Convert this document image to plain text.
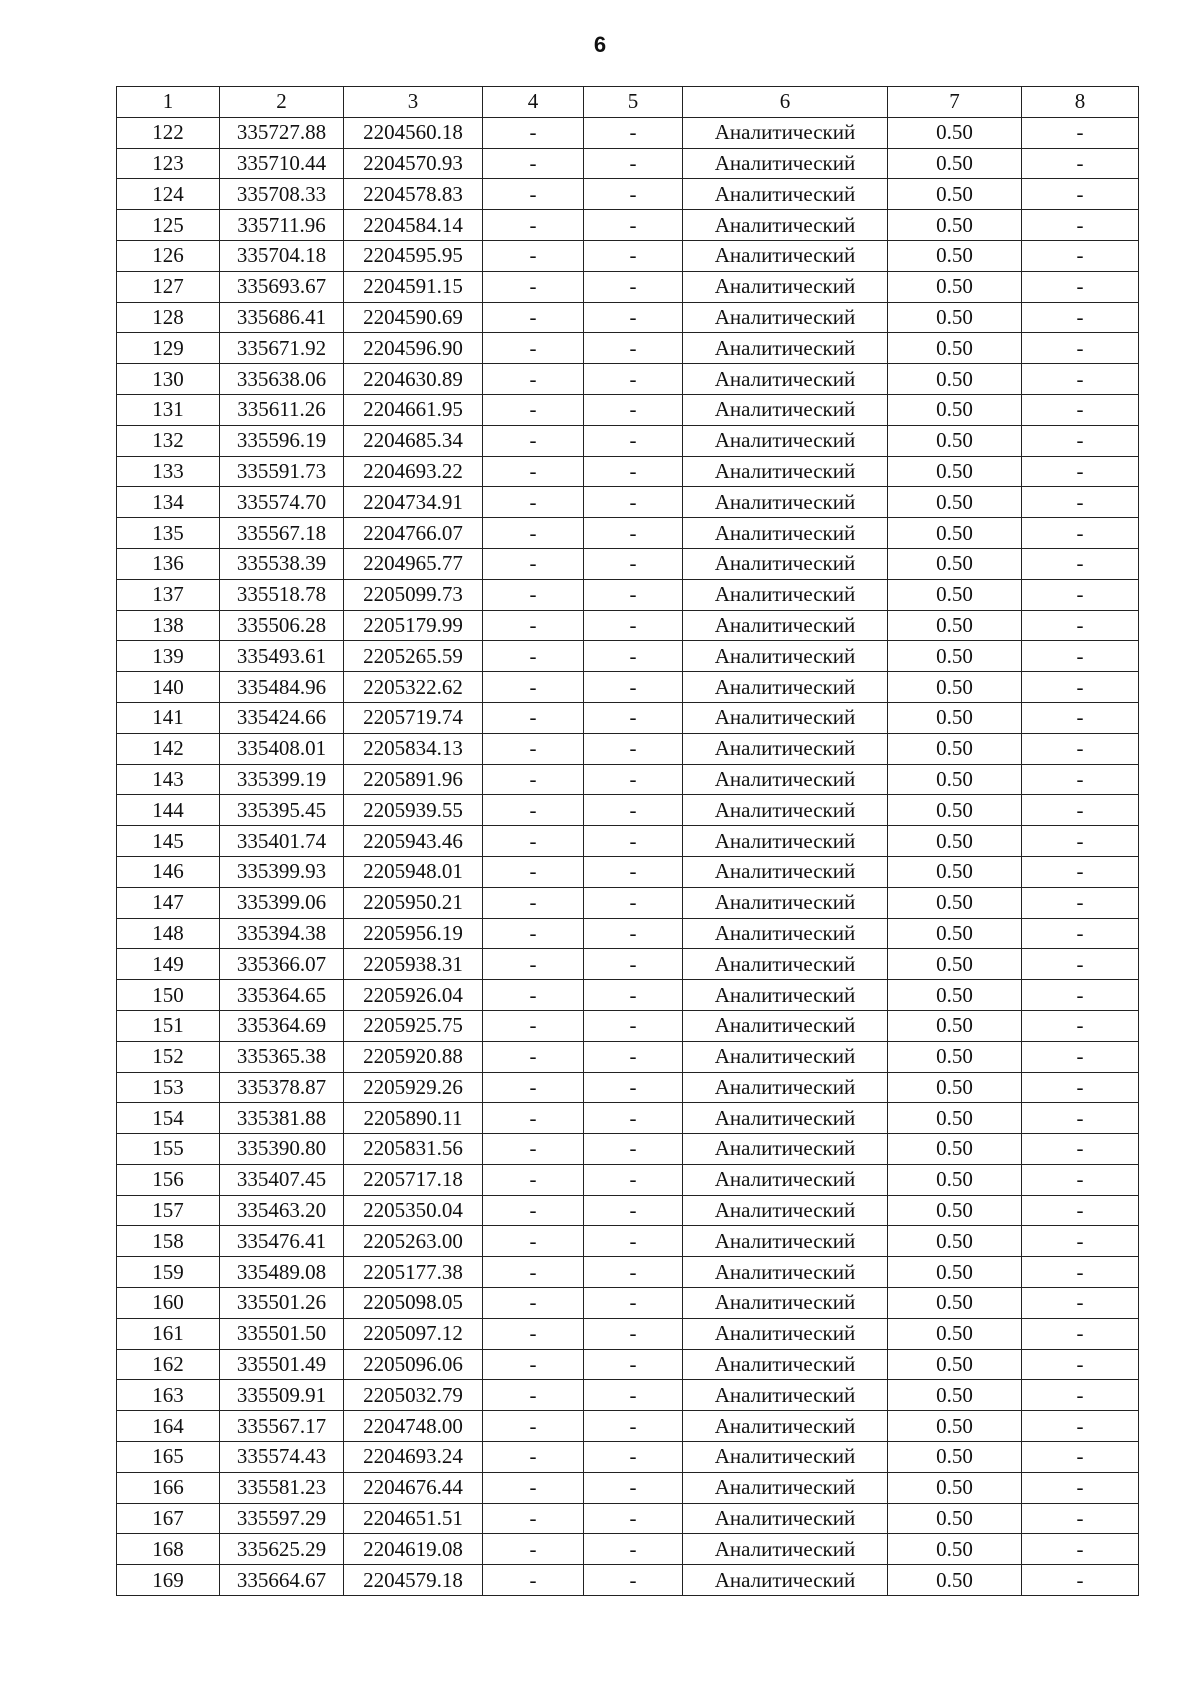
6
1	2	3	4	5	6	7	8
122	335727.88	2204560.18	-	-	Аналитический	0.50	-
123	335710.44	2204570.93	-	-	Аналитический	0.50	-
124	335708.33	2204578.83	-	-	Аналитический	0.50	-
125	335711.96	2204584.14	-	-	Аналитический	0.50	-
126	335704.18	2204595.95	-	-	Аналитический	0.50	-
127	335693.67	2204591.15	-	-	Аналитический	0.50	-
128	335686.41	2204590.69	-	-	Аналитический	0.50	-
129	335671.92	2204596.90	-	-	Аналитический	0.50	-
130	335638.06	2204630.89	-	-	Аналитический	0.50	-
131	335611.26	2204661.95	-	-	Аналитический	0.50	-
132	335596.19	2204685.34	-	-	Аналитический	0.50	-
133	335591.73	2204693.22	-	-	Аналитический	0.50	-
134	335574.70	2204734.91	-	-	Аналитический	0.50	-
135	335567.18	2204766.07	-	-	Аналитический	0.50	-
136	335538.39	2204965.77	-	-	Аналитический	0.50	-
137	335518.78	2205099.73	-	-	Аналитический	0.50	-
138	335506.28	2205179.99	-	-	Аналитический	0.50	-
139	335493.61	2205265.59	-	-	Аналитический	0.50	-
140	335484.96	2205322.62	-	-	Аналитический	0.50	-
141	335424.66	2205719.74	-	-	Аналитический	0.50	-
142	335408.01	2205834.13	-	-	Аналитический	0.50	-
143	335399.19	2205891.96	-	-	Аналитический	0.50	-
144	335395.45	2205939.55	-	-	Аналитический	0.50	-
145	335401.74	2205943.46	-	-	Аналитический	0.50	-
146	335399.93	2205948.01	-	-	Аналитический	0.50	-
147	335399.06	2205950.21	-	-	Аналитический	0.50	-
148	335394.38	2205956.19	-	-	Аналитический	0.50	-
149	335366.07	2205938.31	-	-	Аналитический	0.50	-
150	335364.65	2205926.04	-	-	Аналитический	0.50	-
151	335364.69	2205925.75	-	-	Аналитический	0.50	-
152	335365.38	2205920.88	-	-	Аналитический	0.50	-
153	335378.87	2205929.26	-	-	Аналитический	0.50	-
154	335381.88	2205890.11	-	-	Аналитический	0.50	-
155	335390.80	2205831.56	-	-	Аналитический	0.50	-
156	335407.45	2205717.18	-	-	Аналитический	0.50	-
157	335463.20	2205350.04	-	-	Аналитический	0.50	-
158	335476.41	2205263.00	-	-	Аналитический	0.50	-
159	335489.08	2205177.38	-	-	Аналитический	0.50	-
160	335501.26	2205098.05	-	-	Аналитический	0.50	-
161	335501.50	2205097.12	-	-	Аналитический	0.50	-
162	335501.49	2205096.06	-	-	Аналитический	0.50	-
163	335509.91	2205032.79	-	-	Аналитический	0.50	-
164	335567.17	2204748.00	-	-	Аналитический	0.50	-
165	335574.43	2204693.24	-	-	Аналитический	0.50	-
166	335581.23	2204676.44	-	-	Аналитический	0.50	-
167	335597.29	2204651.51	-	-	Аналитический	0.50	-
168	335625.29	2204619.08	-	-	Аналитический	0.50	-
169	335664.67	2204579.18	-	-	Аналитический	0.50	-
